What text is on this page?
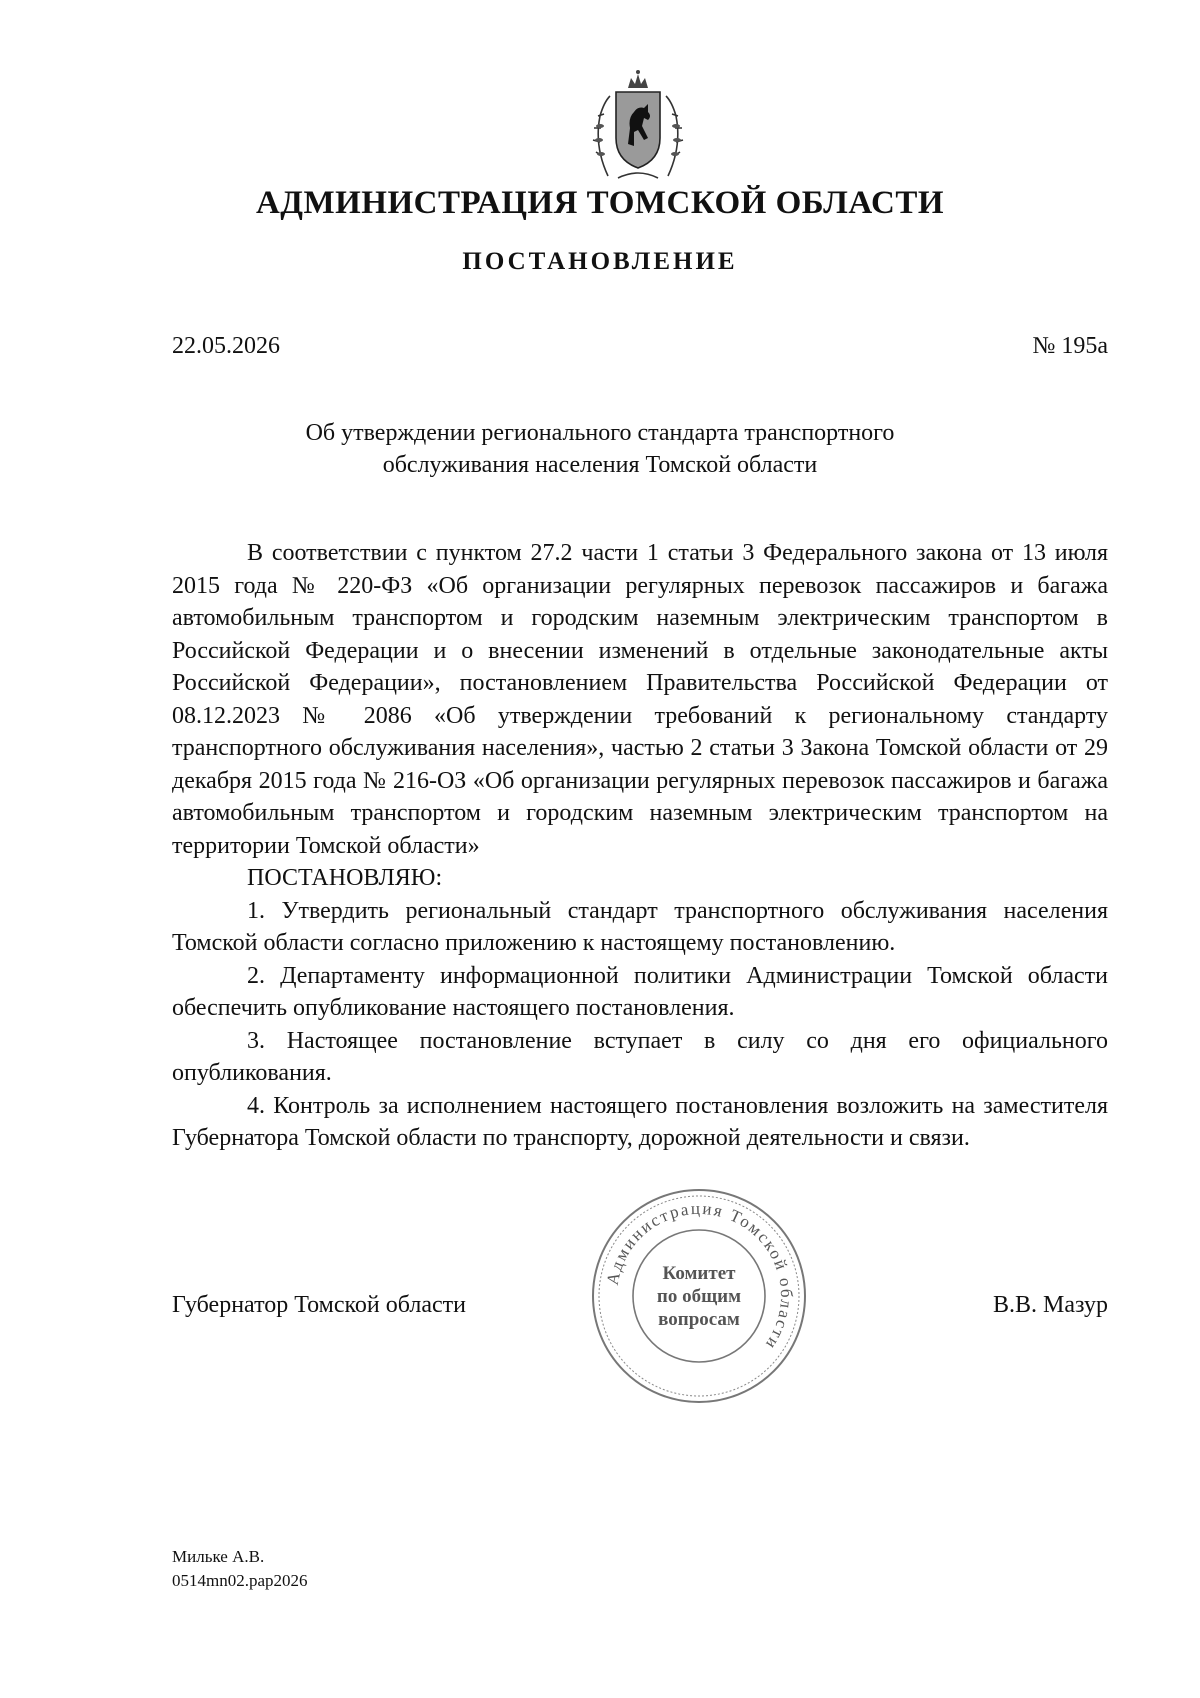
АДМИНИСТРАЦИЯ ТОМСКОЙ ОБЛАСТИ
ПОСТАНОВЛЕНИЕ
22.05.2026	№ 195а
Об утверждении регионального стандарта транспортного
обслуживания населения Томской области

В соответствии с пунктом 27.2 части 1 статьи 3 Федерального закона от 13 июля 2015 года № 220-ФЗ «Об организации регулярных перевозок пассажиров и багажа автомобильным транспортом и городским наземным электрическим транспортом в Российской Федерации и о внесении изменений в отдельные законодательные акты Российской Федерации», постановлением Правительства Российской Федерации от 08.12.2023 № 2086 «Об утверждении требований к региональному стандарту транспортного обслуживания населения», частью 2 статьи 3 Закона Томской области от 29 декабря 2015 года № 216-ОЗ «Об организации регулярных перевозок пассажиров и багажа автомобильным транспортом и городским наземным электрическим транспортом на территории Томской области»

ПОСТАНОВЛЯЮ:

1. Утвердить региональный стандарт транспортного обслуживания населения Томской области согласно приложению к настоящему постановлению.

2. Департаменту информационной политики Администрации Томской области обеспечить опубликование настоящего постановления.

3. Настоящее постановление вступает в силу со дня его официального опубликования.

4. Контроль за исполнением настоящего постановления возложить на заместителя Губернатора Томской области по транспорту, дорожной деятельности и связи.

Губернатор Томской области	В.В. Мазур
Администрация Томской области
Комитет
по общим
вопросам
Мильке А.В.
0514mn02.pap2026
